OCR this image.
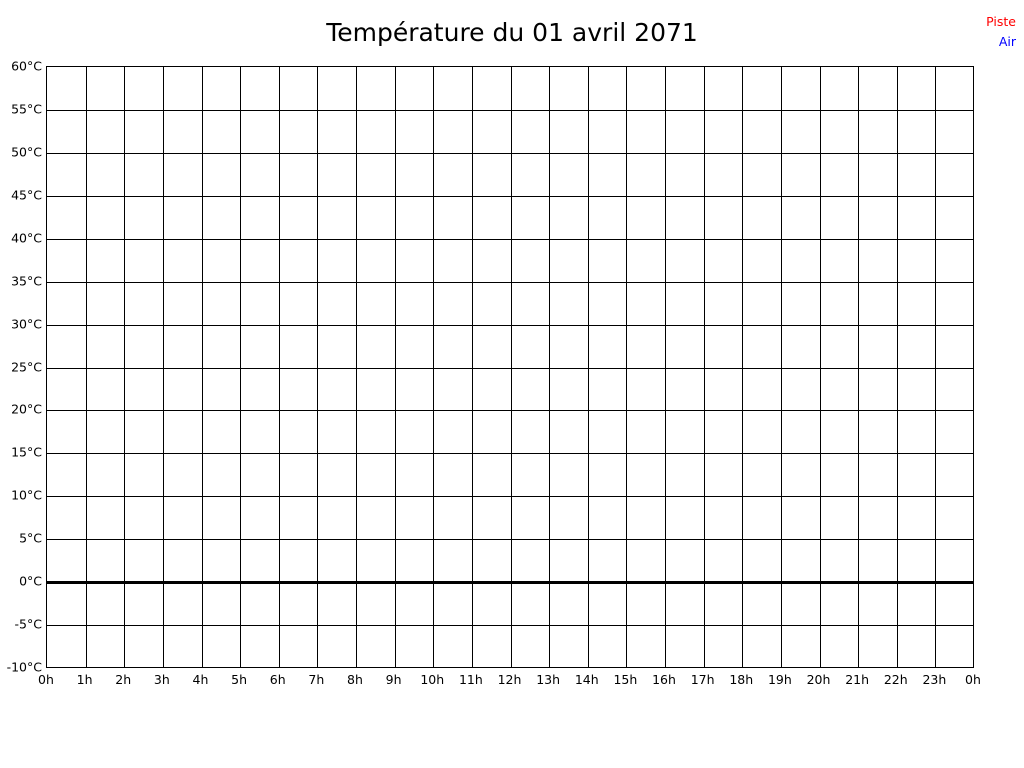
Température du 01 avril 2071	Piste
Air
0h 1h 2h 3h 4h 5h 6h 7h 8h 9h 10h 11h 12h 13h 14h 15h 16h 17h 18h 19h 20h 21h 22h 23h 0h
60°C
55°C
50°C
45°C
40°C
35°C
30°C
25°C
20°C
15°C
10°C
5°C
0°C
-5°C
-10°C
